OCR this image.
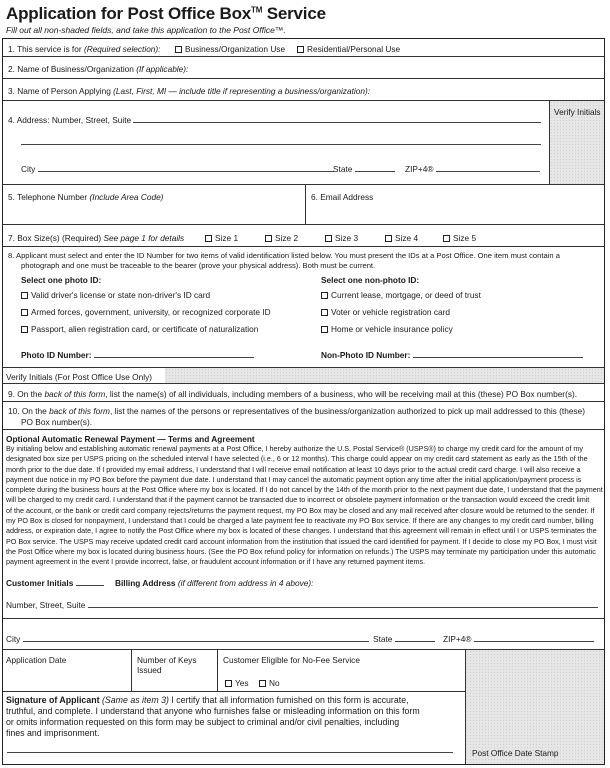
Application for Post Office Box™ Service
Fill out all non-shaded fields, and take this application to the Post Office™.
1. This service is for (Required selection):	Business/Organization Use	Residential/Personal Use
2. Name of Business/Organization (If applicable):
3. Name of Person Applying (Last, First, MI — include title if representing a business/organization):
4. Address: Number, Street, Suite
City	State	ZIP+4®
Verify Initials
5. Telephone Number (Include Area Code)	6. Email Address
7. Box Size(s) (Required) See page 1 for details	Size 1	Size 2	Size 3	Size 4	Size 5
8. Applicant must select and enter the ID Number for two items of valid identification listed below. You must present the IDs at a Post Office. One item must contain a
photograph and one must be traceable to the bearer (prove your physical address). Both must be current.
Select one photo ID:
Valid driver's license or state non-driver's ID card
Armed forces, government, university, or recognized corporate ID
Passport, alien registration card, or certificate of naturalization
Select one non-photo ID:
Current lease, mortgage, or deed of trust
Voter or vehicle registration card
Home or vehicle insurance policy
Photo ID Number:	Non-Photo ID Number:
Verify Initials (For Post Office Use Only)
9. On the back of this form, list the name(s) of all individuals, including members of a business, who will be receiving mail at this (these) PO Box number(s).
10. On the back of this form, list the names of the persons or representatives of the business/organization authorized to pick up mail addressed to this (these)
PO Box number(s).
Optional Automatic Renewal Payment — Terms and Agreement
By initialing below and establishing automatic renewal payments at a Post Office, I hereby authorize the U.S. Postal Service® (USPS®) to charge my credit card for the amount of my
designated box size per USPS pricing on the scheduled interval I have selected (i.e., 6 or 12 months). This charge could appear on my credit card statement as early as the 15th of the
month prior to the due date. If I provided my email address, I understand that I will receive email notification at least 10 days prior to the actual credit card charge. I will also receive a
payment due notice in my PO Box before the payment due date. I understand that I may cancel the automatic payment option any time after the initial application/payment process is
complete during the business hours at the Post Office where my box is located. If I do not cancel by the 14th of the month prior to the next payment due date, I understand that the payment
will be charged to my credit card. I understand that if the payment cannot be transacted due to incorrect or obsolete payment information or the transaction would exceed the credit limit
of the account, or the bank or credit card company rejects/returns the payment request, my PO Box may be closed and any mail received after closure would be returned to the sender. If
my PO Box is closed for nonpayment, I understand that I could be charged a late payment fee to reactivate my PO Box service. If there are any changes to my credit card number, billing
address, or expiration date, I agree to notify the Post Office where my box is located of these changes. I understand that this agreement will remain in effect until I or USPS terminates the
PO Box service. The USPS may receive updated credit card account information from the institution that issued the card identified for payment. If I decide to close my PO Box, I must visit
the Post Office where my box is located during business hours. (See the PO Box refund policy for information on refunds.) The USPS may terminate my participation under this automatic
payment agreement in the event I provide incorrect, false, or fraudulent account information or if I have any returned payment items.
Customer Initials	Billing Address (if different from address in 4 above):
Number, Street, Suite
City	State	ZIP+4®
Application Date	Number of Keys Issued
Customer Eligible for No-Fee Service
Yes	No
Signature of Applicant (Same as item 3) I certify that all information furnished on this form is accurate,
truthful, and complete. I understand that anyone who furnishes false or misleading information on this form
or omits information requested on this form may be subject to criminal and/or civil penalties, including
fines and imprisonment.
Post Office Date Stamp
